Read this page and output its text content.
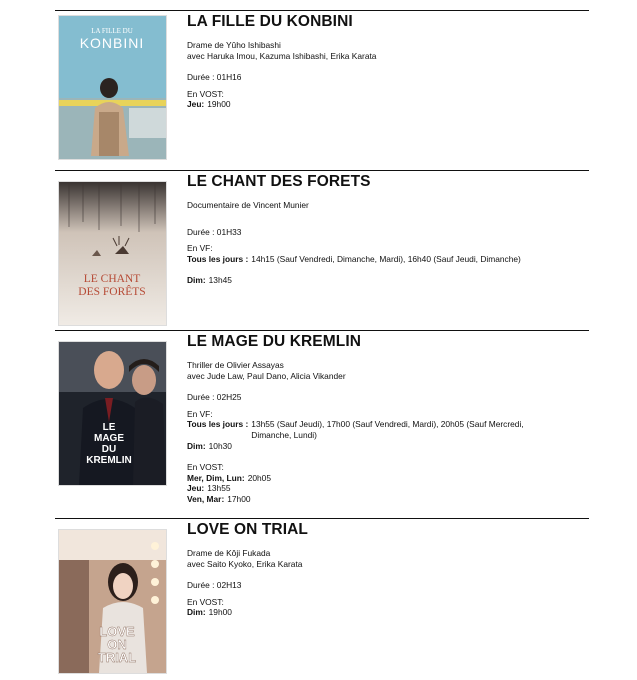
LA FILLE DU
KONBINI
LA FILLE DU KONBINI
Drame de Yûho Ishibashi
avec Haruka Imou, Kazuma Ishibashi, Erika Karata
Durée : 01H16
En VOST:
Jeu: 19h00
LE CHANT
DES FORÊTS
LE CHANT DES FORETS
Documentaire de Vincent Munier
Durée : 01H33
En VF:
Tous les jours : 14h15 (Sauf Vendredi, Dimanche, Mardi), 16h40 (Sauf Jeudi, Dimanche)
Dim: 13h45
LE
MAGE
DU
KREMLIN
LE MAGE DU KREMLIN
Thriller de Olivier Assayas
avec Jude Law, Paul Dano, Alicia Vikander
Durée : 02H25
En VF:
Tous les jours : 13h55 (Sauf Jeudi), 17h00 (Sauf Vendredi, Mardi), 20h05 (Sauf Mercredi, Dimanche, Lundi)
Dim: 10h30
En VOST:
Mer, Dim, Lun: 20h05
Jeu: 13h55
Ven, Mar: 17h00
LOVE
ON
TRIAL
LOVE ON TRIAL
Drame de Kôji Fukada
avec Saito Kyoko, Erika Karata
Durée : 02H13
En VOST:
Dim: 19h00
